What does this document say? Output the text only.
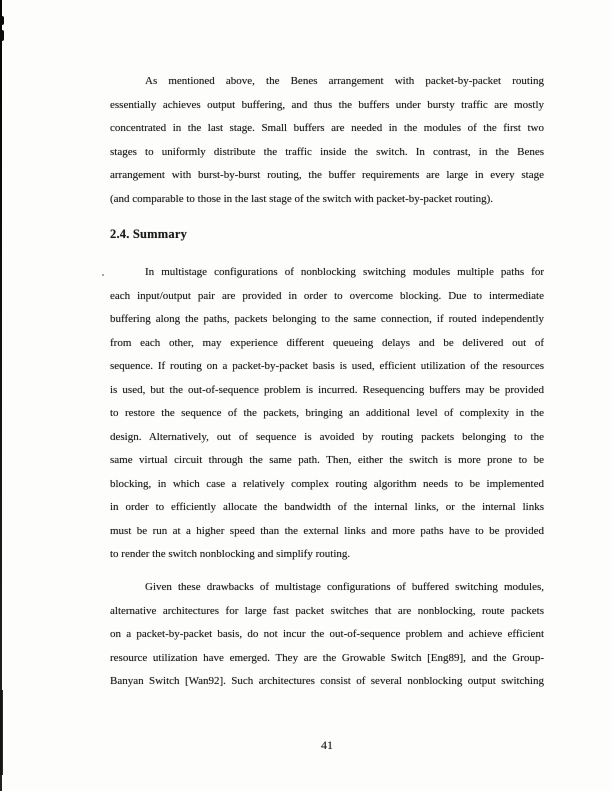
As mentioned above, the Benes arrangement with packet-by-packet routing
essentially achieves output buffering, and thus the buffers under bursty traffic are mostly
concentrated in the last stage. Small buffers are needed in the modules of the first two
stages to uniformly distribute the traffic inside the switch. In contrast, in the Benes
arrangement with burst-by-burst routing, the buffer requirements are large in every stage
(and comparable to those in the last stage of the switch with packet-by-packet routing).
2.4. Summary
In multistage configurations of nonblocking switching modules multiple paths for
each input/output pair are provided in order to overcome blocking. Due to intermediate
buffering along the paths, packets belonging to the same connection, if routed independently
from each other, may experience different queueing delays and be delivered out of
sequence. If routing on a packet-by-packet basis is used, efficient utilization of the resources
is used, but the out-of-sequence problem is incurred. Resequencing buffers may be provided
to restore the sequence of the packets, bringing an additional level of complexity in the
design. Alternatively, out of sequence is avoided by routing packets belonging to the
same virtual circuit through the same path. Then, either the switch is more prone to be
blocking, in which case a relatively complex routing algorithm needs to be implemented
in order to efficiently allocate the bandwidth of the internal links, or the internal links
must be run at a higher speed than the external links and more paths have to be provided
to render the switch nonblocking and simplify routing.
Given these drawbacks of multistage configurations of buffered switching modules,
alternative architectures for large fast packet switches that are nonblocking, route packets
on a packet-by-packet basis, do not incur the out-of-sequence problem and achieve efficient
resource utilization have emerged. They are the Growable Switch [Eng89], and the Group-
Banyan Switch [Wan92]. Such architectures consist of several nonblocking output switching
41
